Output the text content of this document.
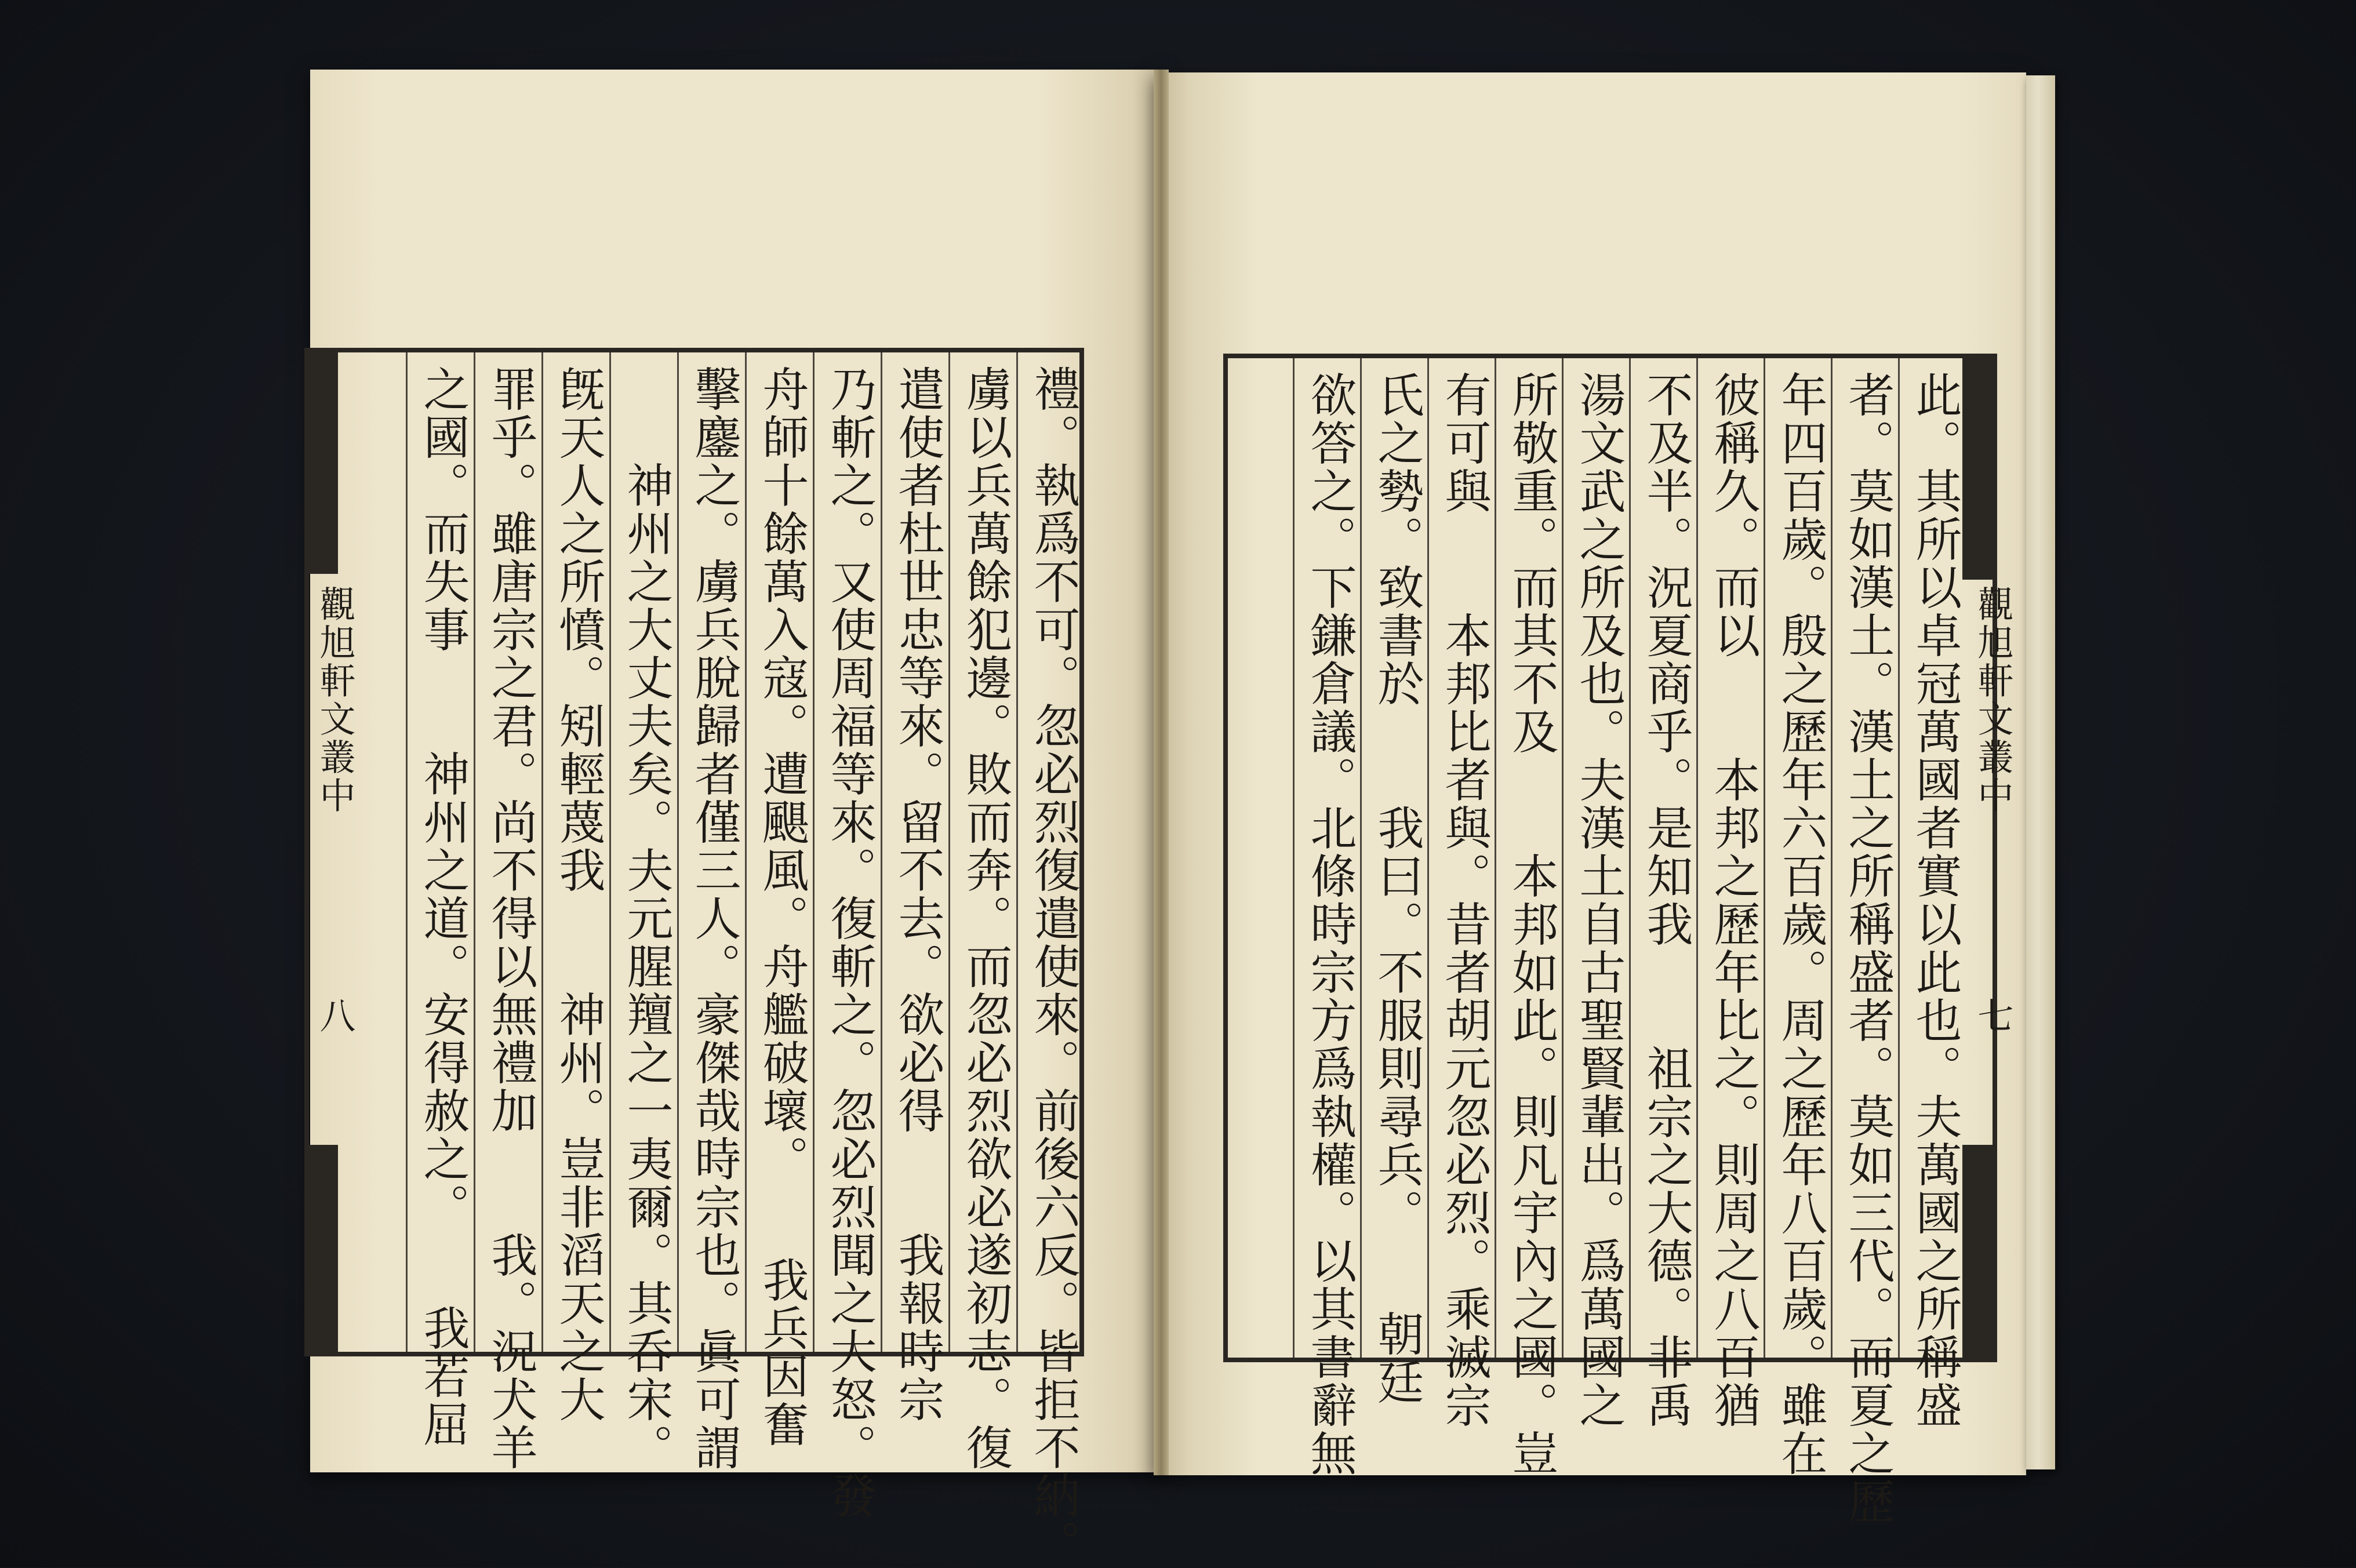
觀旭軒文叢中
八	禮。執爲不可。忽必烈復遣使來。前後六反。皆拒不納。
虜以兵萬餘犯邊。敗而奔。而忽必烈欲必遂初志。復
遣使者杜世忠等來。留不去。欲必得　　我報時宗
乃斬之。又使周福等來。復斬之。忽必烈聞之大怒。發
舟師十餘萬入寇。遭颶風。舟艦破壞。　　我兵因奮
擊鏖之。虜兵脫歸者僅三人。豪傑哉時宗也。眞可謂
　　神州之大丈夫矣。夫元腥羶之一夷爾。其呑宋。
旣天人之所憤。矧輕蔑我　　神州。豈非滔天之大
罪乎。雖唐宗之君。尚不得以無禮加　　我。況犬羊
之國。而失事　　神州之道。安得赦之。　　我若屈	觀旭軒文叢中
七
此。其所以卓冠萬國者實以此也。夫萬國之所稱盛
者。莫如漢土。漢土之所稱盛者。莫如三代。而夏之歷
年四百歲。殷之歷年六百歲。周之歷年八百歲。雖在
彼稱久。而以　　本邦之歷年比之。則周之八百猶
不及半。況夏商乎。是知我　　祖宗之大德。非禹
湯文武之所及也。夫漢土自古聖賢輩出。爲萬國之
所敬重。而其不及　　本邦如此。則凡宇內之國。豈
有可與　　本邦比者與。昔者胡元忽必烈。乘滅宗
氏之勢。致書於　　我曰。不服則尋兵。　　朝廷
欲答之。下鎌倉議。北條時宗方爲執權。以其書辭無
